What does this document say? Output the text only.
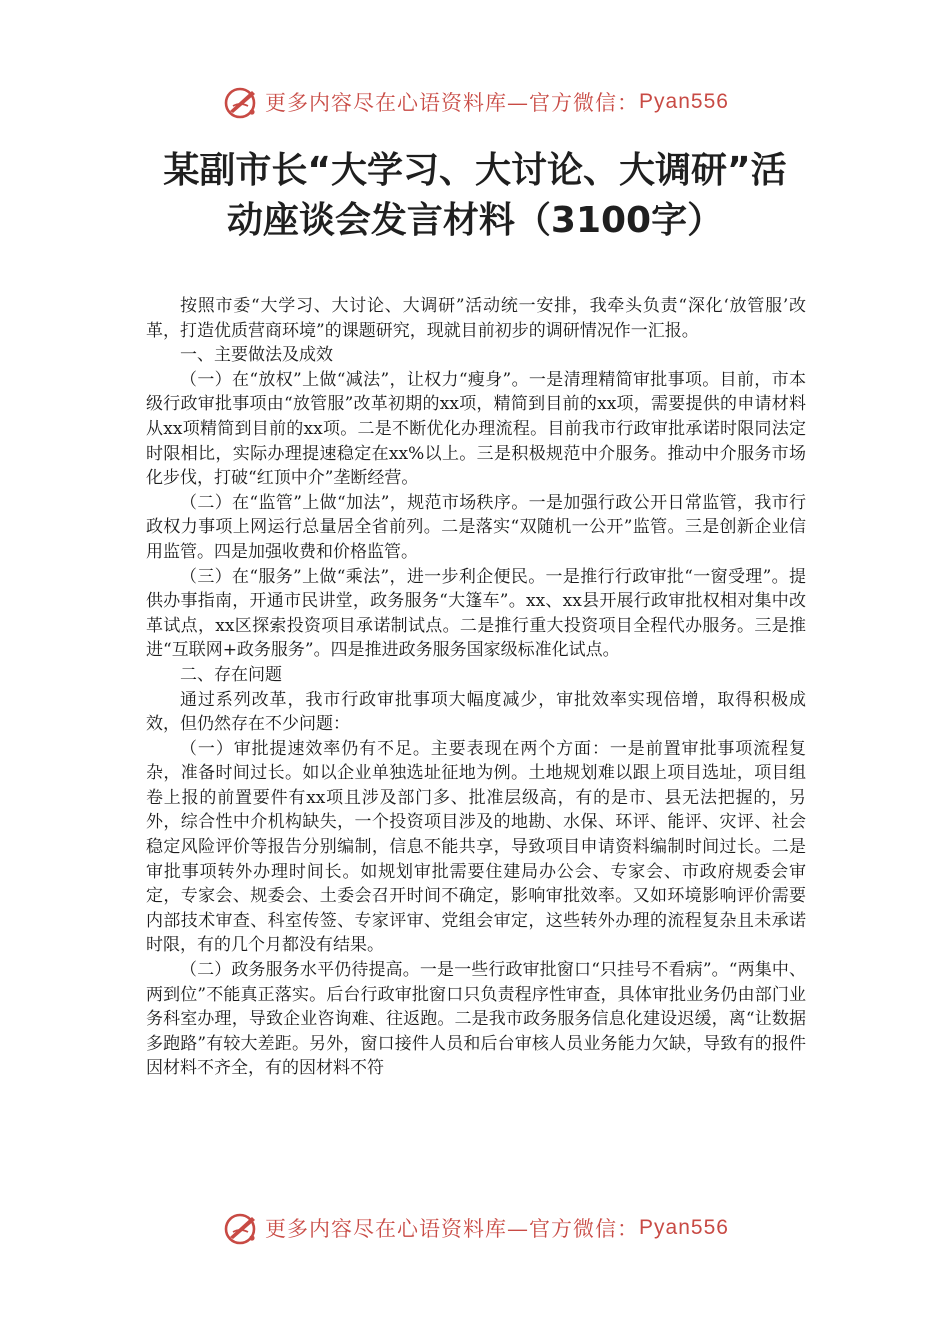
更多内容尽在心语资料库—官方微信： Pyan556
某副市长“大学习、大讨论、大调研”活
动座谈会发言材料（3100字）

按照市委“大学习、大讨论、大调研”活动统一安排，我牵头负责“深化‘放管服’改革，打造优质营商环境”的课题研究，现就目前初步的调研情况作一汇报。

一、主要做法及成效

（一）在“放权”上做“减法”，让权力“瘦身”。一是清理精简审批事项。目前，市本级行政审批事项由“放管服”改革初期的xx项，精简到目前的xx项，需要提供的申请材料从xx项精简到目前的xx项。二是不断优化办理流程。目前我市行政审批承诺时限同法定时限相比，实际办理提速稳定在xx%以上。三是积极规范中介服务。推动中介服务市场化步伐，打破“红顶中介”垄断经营。

（二）在“监管”上做“加法”，规范市场秩序。一是加强行政公开日常监管，我市行政权力事项上网运行总量居全省前列。二是落实“双随机一公开”监管。三是创新企业信用监管。四是加强收费和价格监管。

（三）在“服务”上做“乘法”，进一步利企便民。一是推行行政审批“一窗受理”。提供办事指南，开通市民讲堂，政务服务“大篷车”。xx、xx县开展行政审批权相对集中改革试点，xx区探索投资项目承诺制试点。二是推行重大投资项目全程代办服务。三是推进“互联网+政务服务”。四是推进政务服务国家级标准化试点。

二、存在问题

通过系列改革，我市行政审批事项大幅度减少，审批效率实现倍增，取得积极成效，但仍然存在不少问题：

（一）审批提速效率仍有不足。主要表现在两个方面：一是前置审批事项流程复杂，准备时间过长。如以企业单独选址征地为例。土地规划难以跟上项目选址，项目组卷上报的前置要件有xx项且涉及部门多、批准层级高，有的是市、县无法把握的，另外，综合性中介机构缺失，一个投资项目涉及的地勘、水保、环评、能评、灾评、社会稳定风险评价等报告分别编制，信息不能共享，导致项目申请资料编制时间过长。二是审批事项转外办理时间长。如规划审批需要住建局办公会、专家会、市政府规委会审定，专家会、规委会、土委会召开时间不确定，影响审批效率。又如环境影响评价需要内部技术审查、科室传签、专家评审、党组会审定，这些转外办理的流程复杂且未承诺时限，有的几个月都没有结果。

（二）政务服务水平仍待提高。一是一些行政审批窗口“只挂号不看病”。“两集中、两到位”不能真正落实。后台行政审批窗口只负责程序性审查，具体审批业务仍由部门业务科室办理，导致企业咨询难、往返跑。二是我市政务服务信息化建设迟缓，离“让数据多跑路”有较大差距。另外，窗口接件人员和后台审核人员业务能力欠缺，导致有的报件因材料不齐全，有的因材料不符

更多内容尽在心语资料库—官方微信： Pyan556
